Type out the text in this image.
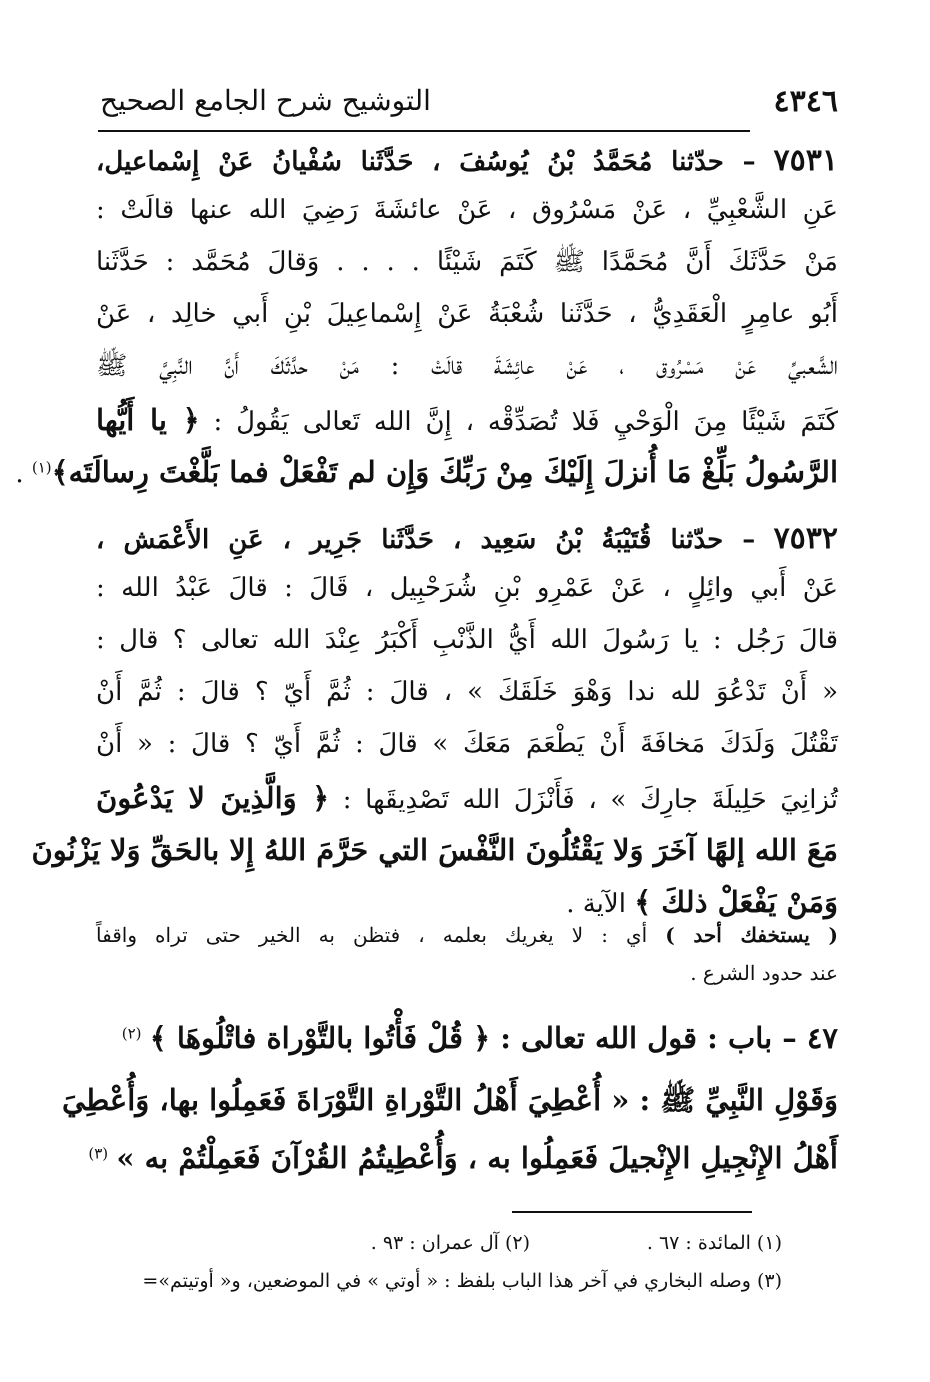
٤٣٤٦
التوشيح شرح الجامع الصحيح
٧٥٣١ – حدّثنا مُحَمَّدُ بْنُ يُوسُفَ ، حَدَّثَنا سُفْيانُ عَنْ إِسْماعيل،
عَنِ الشَّعْبِيِّ ، عَنْ مَسْرُوق ، عَنْ عائشَةَ رَضِيَ الله عنها قالَتْ :
مَنْ حَدَّثَكَ أَنَّ مُحَمَّدًا ﷺ كَتَمَ شَيْئًا . . . . وَقالَ مُحَمَّد : حَدَّثَنا
أَبُو عامِرٍ الْعَقَدِيُّ ، حَدَّثَنا شُعْبَةُ عَنْ إِسْماعِيلَ بْنِ أَبي خالِد ، عَنْ
الشَّعبيِّ عَنْ مَسْرُوق ، عَنْ عائِشَةَ قالَتْ : مَنْ حدَّثَكَ أَنَّ النَّبِيَّ ﷺ
كَتَمَ شَيْئًا مِنَ الْوَحْيِ فَلا تُصَدِّقْه ، إِنَّ الله تَعالى يَقُولُ : ﴿ يا أَيُّها
الرَّسُولُ بَلِّغْ مَا أُنزلَ إِلَيْكَ مِنْ رَبِّكَ وَإِن لم تَفْعَلْ فما بَلَّغْتَ رِسالَتَه﴾$^{(١)}$ .
٧٥٣٢ – حدّثنا قُتَيْبَةُ بْنُ سَعِيد ، حَدَّثَنا جَرِير ، عَنِ الأَعْمَش ،
عَنْ أَبي وائِلٍ ، عَنْ عَمْرِو بْنِ شُرَحْبِيل ، قَالَ : قالَ عَبْدُ الله :
قالَ رَجُل : يا رَسُولَ الله أَيُّ الذَّنْبِ أَكْبَرُ عِنْدَ الله تعالى ؟ قال :
« أَنْ تَدْعُوَ لله ندا وَهْوَ خَلَقَكَ » ، قالَ : ثُمَّ أَيّ ؟ قالَ : ثُمَّ أَنْ
تَقْتُلَ وَلَدَكَ مَخافَةَ أَنْ يَطْعَمَ مَعَكَ » قالَ : ثُمَّ أَيّ ؟ قالَ : « أَنْ
تُزانِيَ حَلِيلَةَ جارِكَ » ، فَأَنْزَلَ الله تَصْدِيقَها : ﴿ وَالَّذِينَ لا يَدْعُونَ
مَعَ الله إلهًا آخَرَ وَلا يَقْتُلُونَ النَّفْسَ التي حَرَّمَ اللهُ إِلا بالحَقِّ وَلا يَزْنُونَ
وَمَنْ يَفْعَلْ ذلكَ ﴾ الآية .
( يستخفك أحد ) أي : لا يغريك بعلمه ، فتظن به الخير حتى تراه واقفاً
عند حدود الشرع .
٤٧ – باب : قول الله تعالى : ﴿ قُلْ فَأْتُوا بالتَّوْراة فاتْلُوهَا ﴾ $^{(٢)}$
وَقَوْلِ النَّبِيِّ ﷺ : « أُعْطِيَ أَهْلُ التَّوْراةِ التَّوْرَاةَ فَعَمِلُوا بها، وَأُعْطِيَ
أَهْلُ الإِنْجِيلِ الإِنْجيلَ فَعَمِلُوا به ، وَأُعْطِيتُمُ القُرْآنَ فَعَمِلْتُمْ به » $^{(٣)}$
(١) المائدة : ٦٧ .
(٢) آل عمران : ٩٣ .
(٣) وصله البخاري في آخر هذا الباب بلفظ : « أوتي » في الموضعين، و« أوتيتم»=
